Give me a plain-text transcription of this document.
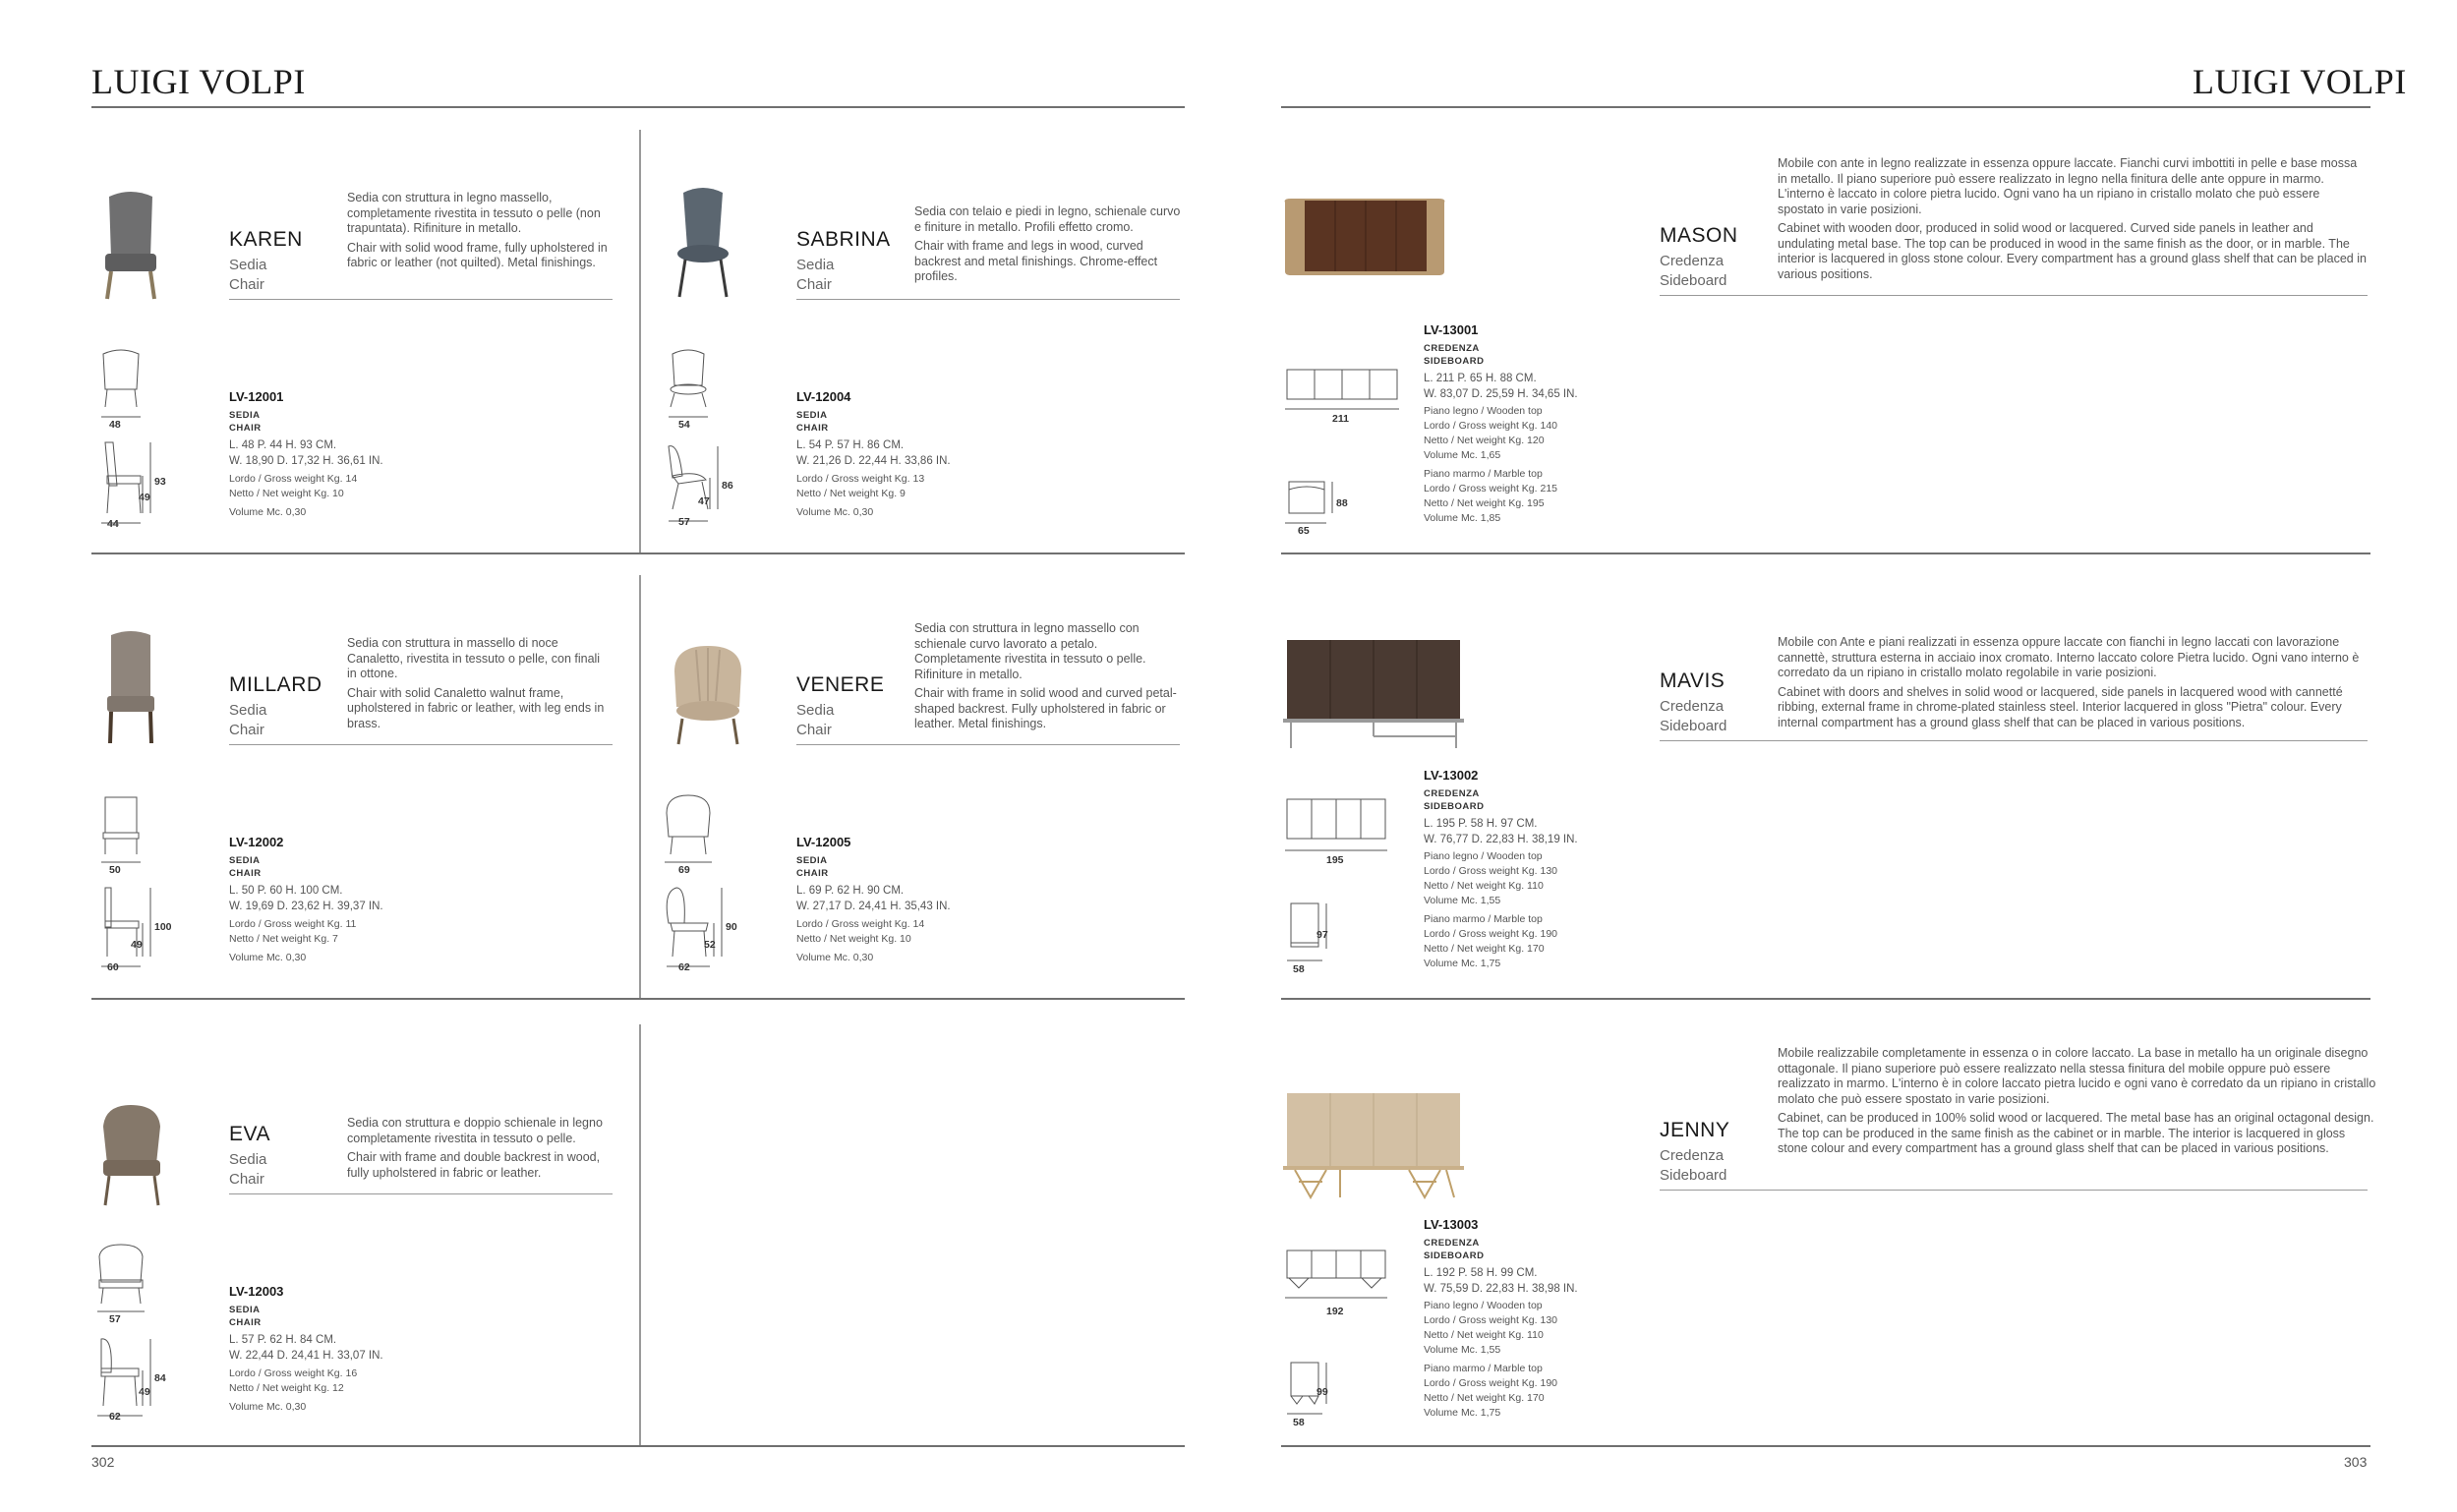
LUIGI VOLPI	LUIGI VOLPI
302	303
KAREN
Sedia
Chair

Sedia con struttura in legno massello, completamente rivestita in tessuto o pelle (non trapuntata). Rifiniture in metallo.

Chair with solid wood frame, fully upholstered in fabric or leather (not quilted). Metal finishings.

48
44
93
49
LV-12001
SEDIA
CHAIR
L. 48 P. 44 H. 93 CM.
W. 18,90 D. 17,32 H. 36,61 IN.
Lordo / Gross weight Kg. 14
Netto / Net weight Kg. 10
Volume Mc. 0,30
SABRINA
Sedia
Chair

Sedia con telaio e piedi in legno, schienale curvo e finiture in metallo. Profili effetto cromo.

Chair with frame and legs in wood, curved backrest and metal finishings. Chrome-effect profiles.

54
57
86
47
LV-12004
SEDIA
CHAIR
L. 54 P. 57 H. 86 CM.
W. 21,26 D. 22,44 H. 33,86 IN.
Lordo / Gross weight Kg. 13
Netto / Net weight Kg. 9
Volume Mc. 0,30
MILLARD
Sedia
Chair

Sedia con struttura in massello di noce Canaletto, rivestita in tessuto o pelle, con finali in ottone.

Chair with solid Canaletto walnut frame, upholstered in fabric or leather, with leg ends in brass.

50
60
100
49
LV-12002
SEDIA
CHAIR
L. 50 P. 60 H. 100 CM.
W. 19,69 D. 23,62 H. 39,37 IN.
Lordo / Gross weight Kg. 11
Netto / Net weight Kg. 7
Volume Mc. 0,30
VENERE
Sedia
Chair

Sedia con struttura in legno massello con schienale curvo lavorato a petalo. Completamente rivestita in tessuto o pelle. Rifiniture in metallo.

Chair with frame in solid wood and curved petal-shaped backrest. Fully upholstered in fabric or leather. Metal finishings.

69
62
90
52
LV-12005
SEDIA
CHAIR
L. 69 P. 62 H. 90 CM.
W. 27,17 D. 24,41 H. 35,43 IN.
Lordo / Gross weight Kg. 14
Netto / Net weight Kg. 10
Volume Mc. 0,30
EVA
Sedia
Chair

Sedia con struttura e doppio schienale in legno completamente rivestita in tessuto o pelle.

Chair with frame and double backrest in wood, fully upholstered in fabric or leather.

57
62
84
49
LV-12003
SEDIA
CHAIR
L. 57 P. 62 H. 84 CM.
W. 22,44 D. 24,41 H. 33,07 IN.
Lordo / Gross weight Kg. 16
Netto / Net weight Kg. 12
Volume Mc. 0,30
MASON
Credenza
Sideboard

Mobile con ante in legno realizzate in essenza oppure laccate. Fianchi curvi imbottiti in pelle e base mossa in metallo. Il piano superiore può essere realizzato in legno nella finitura delle ante oppure in marmo. L'interno è laccato in colore pietra lucido. Ogni vano ha un ripiano in cristallo molato che può essere spostato in varie posizioni.

Cabinet with wooden door, produced in solid wood or lacquered. Curved side panels in leather and undulating metal base. The top can be produced in wood in the same finish as the door, or in marble. The interior is lacquered in gloss stone colour. Every compartment has a ground glass shelf that can be placed in various positions.

211
65
88
LV-13001
CREDENZA
SIDEBOARD
L. 211 P. 65 H. 88 CM.
W. 83,07 D. 25,59 H. 34,65 IN.
Piano legno / Wooden top
Lordo / Gross weight Kg. 140
Netto / Net weight Kg. 120
Volume Mc. 1,65
Piano marmo / Marble top
Lordo / Gross weight Kg. 215
Netto / Net weight Kg. 195
Volume Mc. 1,85
MAVIS
Credenza
Sideboard

Mobile con Ante e piani realizzati in essenza oppure laccate con fianchi in legno laccati con lavorazione cannettè, struttura esterna in acciaio inox cromato. Interno laccato colore Pietra lucido. Ogni vano interno è corredato da un ripiano in cristallo molato regolabile in varie posizioni.

Cabinet with doors and shelves in solid wood or lacquered, side panels in lacquered wood with cannetté ribbing, external frame in chrome-plated stainless steel. Interior lacquered in gloss "Pietra" colour. Every internal compartment has a ground glass shelf that can be placed in various positions.

195
58
97
LV-13002
CREDENZA
SIDEBOARD
L. 195 P. 58 H. 97 CM.
W. 76,77 D. 22,83 H. 38,19 IN.
Piano legno / Wooden top
Lordo / Gross weight Kg. 130
Netto / Net weight Kg. 110
Volume Mc. 1,55
Piano marmo / Marble top
Lordo / Gross weight Kg. 190
Netto / Net weight Kg. 170
Volume Mc. 1,75
JENNY
Credenza
Sideboard

Mobile realizzabile completamente in essenza o in colore laccato. La base in metallo ha un originale disegno ottagonale. Il piano superiore può essere realizzato nella stessa finitura del mobile oppure può essere realizzato in marmo. L'interno è in colore laccato pietra lucido e ogni vano è corredato da un ripiano in cristallo molato che può essere spostato in varie posizioni.

Cabinet, can be produced in 100% solid wood or lacquered. The metal base has an original octagonal design. The top can be produced in the same finish as the cabinet or in marble. The interior is lacquered in gloss stone colour and every compartment has a ground glass shelf that can be placed in various positions.

192
58
99
LV-13003
CREDENZA
SIDEBOARD
L. 192 P. 58 H. 99 CM.
W. 75,59 D. 22,83 H. 38,98 IN.
Piano legno / Wooden top
Lordo / Gross weight Kg. 130
Netto / Net weight Kg. 110
Volume Mc. 1,55
Piano marmo / Marble top
Lordo / Gross weight Kg. 190
Netto / Net weight Kg. 170
Volume Mc. 1,75
